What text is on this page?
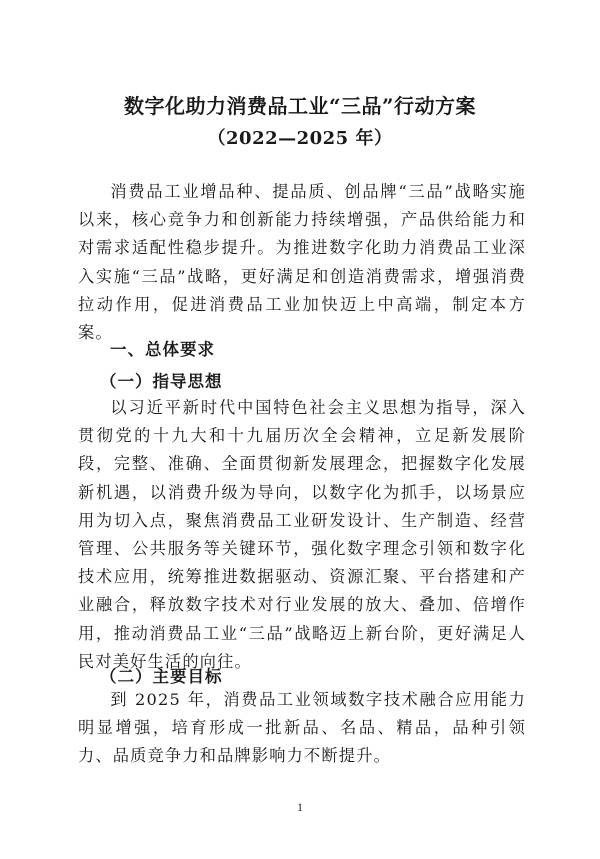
数字化助力消费品工业“三品”行动方案
（2022—2025 年）

消费品工业增品种、提品质、创品牌“三品”战略实施以来，核心竞争力和创新能力持续增强，产品供给能力和对需求适配性稳步提升。为推进数字化助力消费品工业深入实施“三品”战略，更好满足和创造消费需求，增强消费拉动作用，促进消费品工业加快迈上中高端，制定本方案。

一、总体要求

（一）指导思想

以习近平新时代中国特色社会主义思想为指导，深入贯彻党的十九大和十九届历次全会精神，立足新发展阶段，完整、准确、全面贯彻新发展理念，把握数字化发展新机遇，以消费升级为导向，以数字化为抓手，以场景应用为切入点，聚焦消费品工业研发设计、生产制造、经营管理、公共服务等关键环节，强化数字理念引领和数字化技术应用，统筹推进数据驱动、资源汇聚、平台搭建和产业融合，释放数字技术对行业发展的放大、叠加、倍增作用，推动消费品工业“三品”战略迈上新台阶，更好满足人民对美好生活的向往。

（二）主要目标

到 2025 年，消费品工业领域数字技术融合应用能力明显增强，培育形成一批新品、名品、精品，品种引领力、品质竞争力和品牌影响力不断提升。

1
